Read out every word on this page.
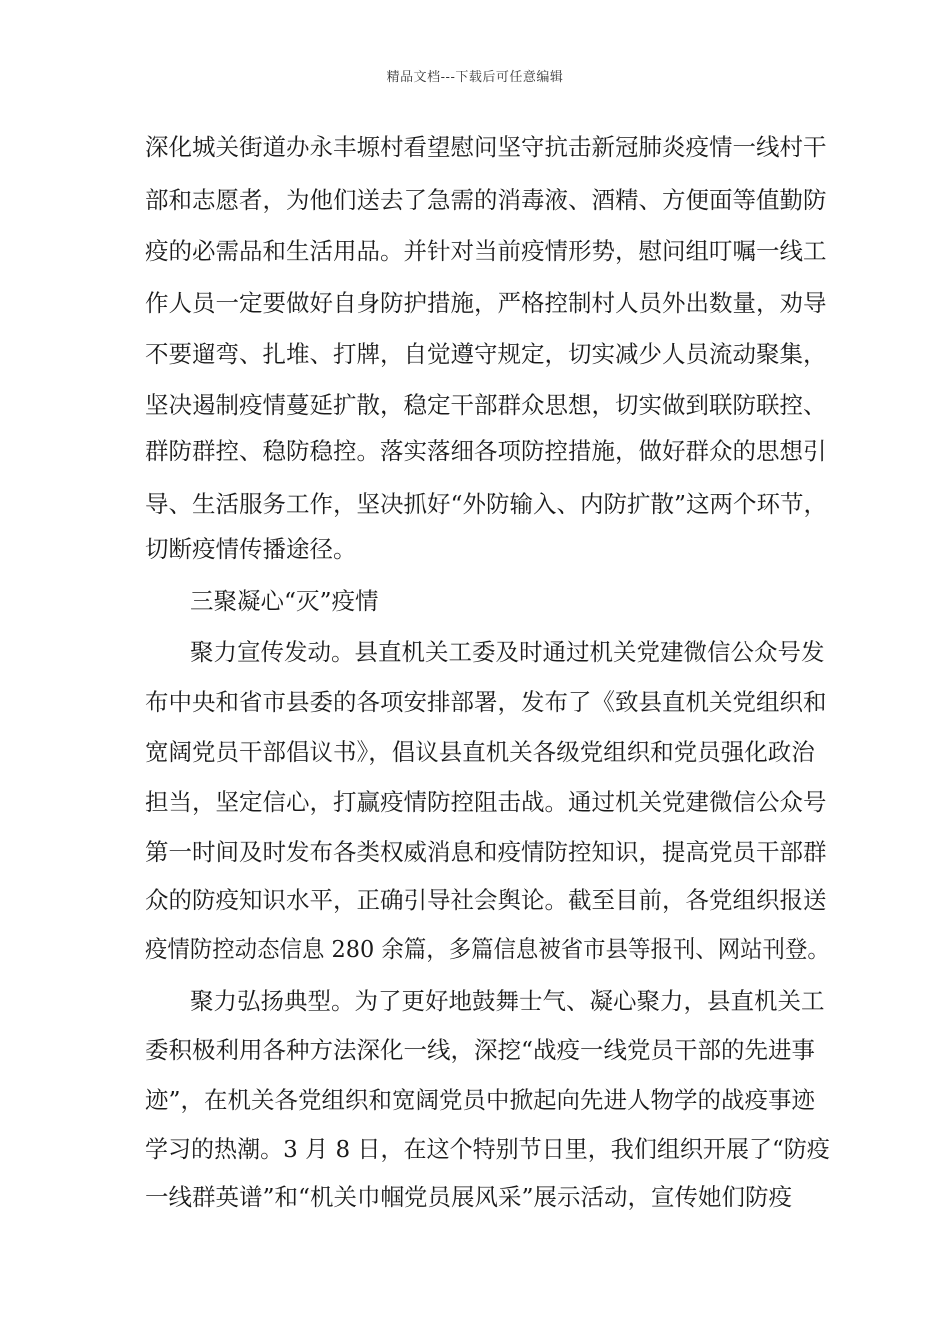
精品文档---下载后可任意编辑
深化城关街道办永丰塬村看望慰问坚守抗击新冠肺炎疫情一线村干
部和志愿者，为他们送去了急需的消毒液、酒精、方便面等值勤防
疫的必需品和生活用品。并针对当前疫情形势，慰问组叮嘱一线工
作人员一定要做好自身防护措施，严格控制村人员外出数量，劝导
不要遛弯、扎堆、打牌，自觉遵守规定，切实减少人员流动聚集，
坚决遏制疫情蔓延扩散，稳定干部群众思想，切实做到联防联控、
群防群控、稳防稳控。落实落细各项防控措施，做好群众的思想引
导、生活服务工作，坚决抓好“外防输入、内防扩散”这两个环节，
切断疫情传播途径。
三聚凝心“灭”疫情
聚力宣传发动。县直机关工委及时通过机关党建微信公众号发
布中央和省市县委的各项安排部署，发布了《致县直机关党组织和
宽阔党员干部倡议书》，倡议县直机关各级党组织和党员强化政治
担当，坚定信心，打赢疫情防控阻击战。通过机关党建微信公众号
第一时间及时发布各类权威消息和疫情防控知识，提高党员干部群
众的防疫知识水平，正确引导社会舆论。截至目前，各党组织报送
疫情防控动态信息 280 余篇，多篇信息被省市县等报刊、网站刊登。
聚力弘扬典型。为了更好地鼓舞士气、凝心聚力，县直机关工
委积极利用各种方法深化一线，深挖“战疫一线党员干部的先进事
迹”，在机关各党组织和宽阔党员中掀起向先进人物学的战疫事迹
学习的热潮。3 月 8 日，在这个特别节日里，我们组织开展了“防疫
一线群英谱”和“机关巾帼党员展风采”展示活动，宣传她们防疫
